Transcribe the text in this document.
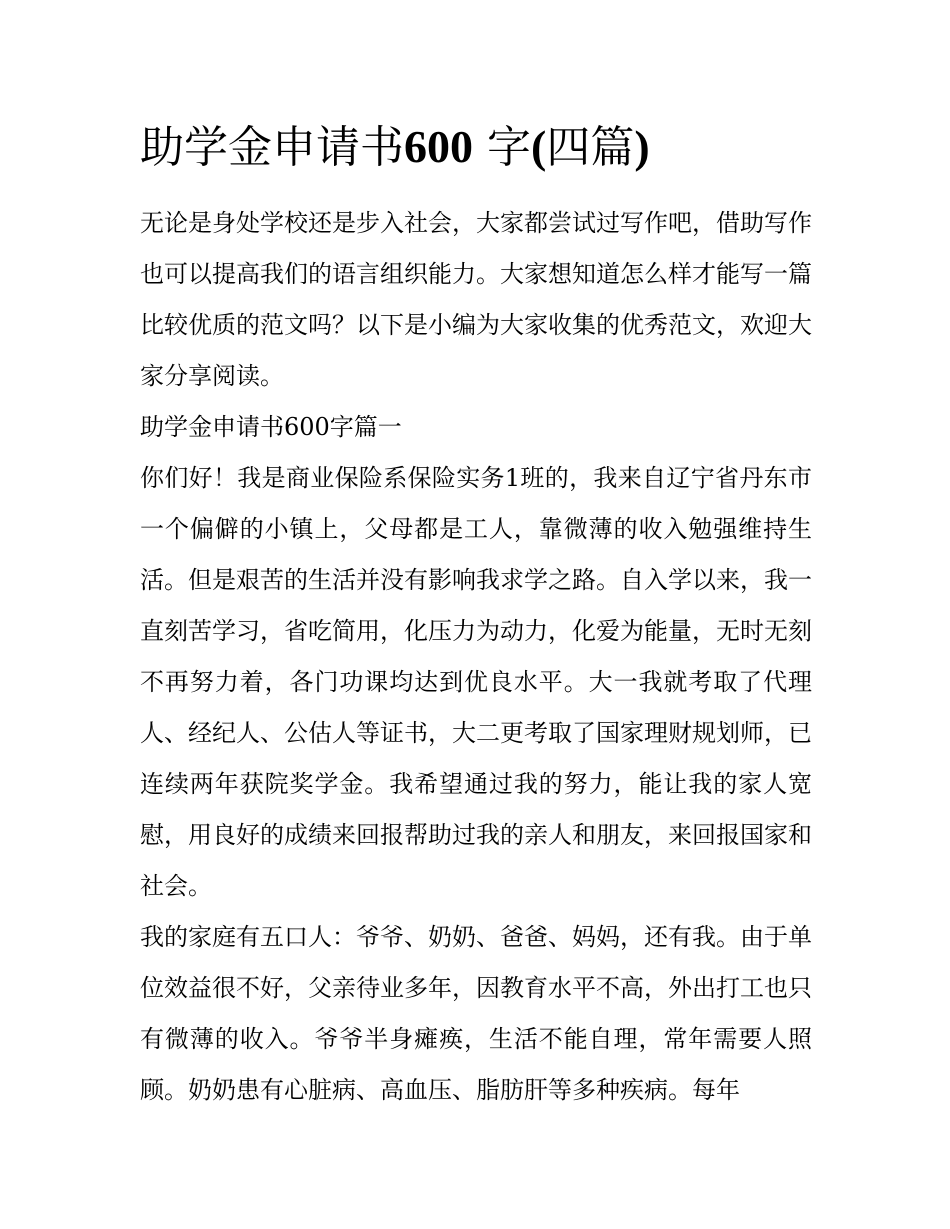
助学金申请书600 字(四篇)

无论是身处学校还是步入社会，大家都尝试过写作吧，借助写作也可以提高我们的语言组织能力。大家想知道怎么样才能写一篇比较优质的范文吗？以下是小编为大家收集的优秀范文，欢迎大家分享阅读。

助学金申请书600字篇一

你们好！我是商业保险系保险实务1班的，我来自辽宁省丹东市一个偏僻的小镇上，父母都是工人，靠微薄的收入勉强维持生活。但是艰苦的生活并没有影响我求学之路。自入学以来，我一直刻苦学习，省吃简用，化压力为动力，化爱为能量，无时无刻不再努力着，各门功课均达到优良水平。大一我就考取了代理人、经纪人、公估人等证书，大二更考取了国家理财规划师，已连续两年获院奖学金。我希望通过我的努力，能让我的家人宽慰，用良好的成绩来回报帮助过我的亲人和朋友，来回报国家和社会。

我的家庭有五口人：爷爷、奶奶、爸爸、妈妈，还有我。由于单位效益很不好，父亲待业多年，因教育水平不高，外出打工也只有微薄的收入。爷爷半身瘫痪，生活不能自理，常年需要人照顾。奶奶患有心脏病、高血压、脂肪肝等多种疾病。每年
